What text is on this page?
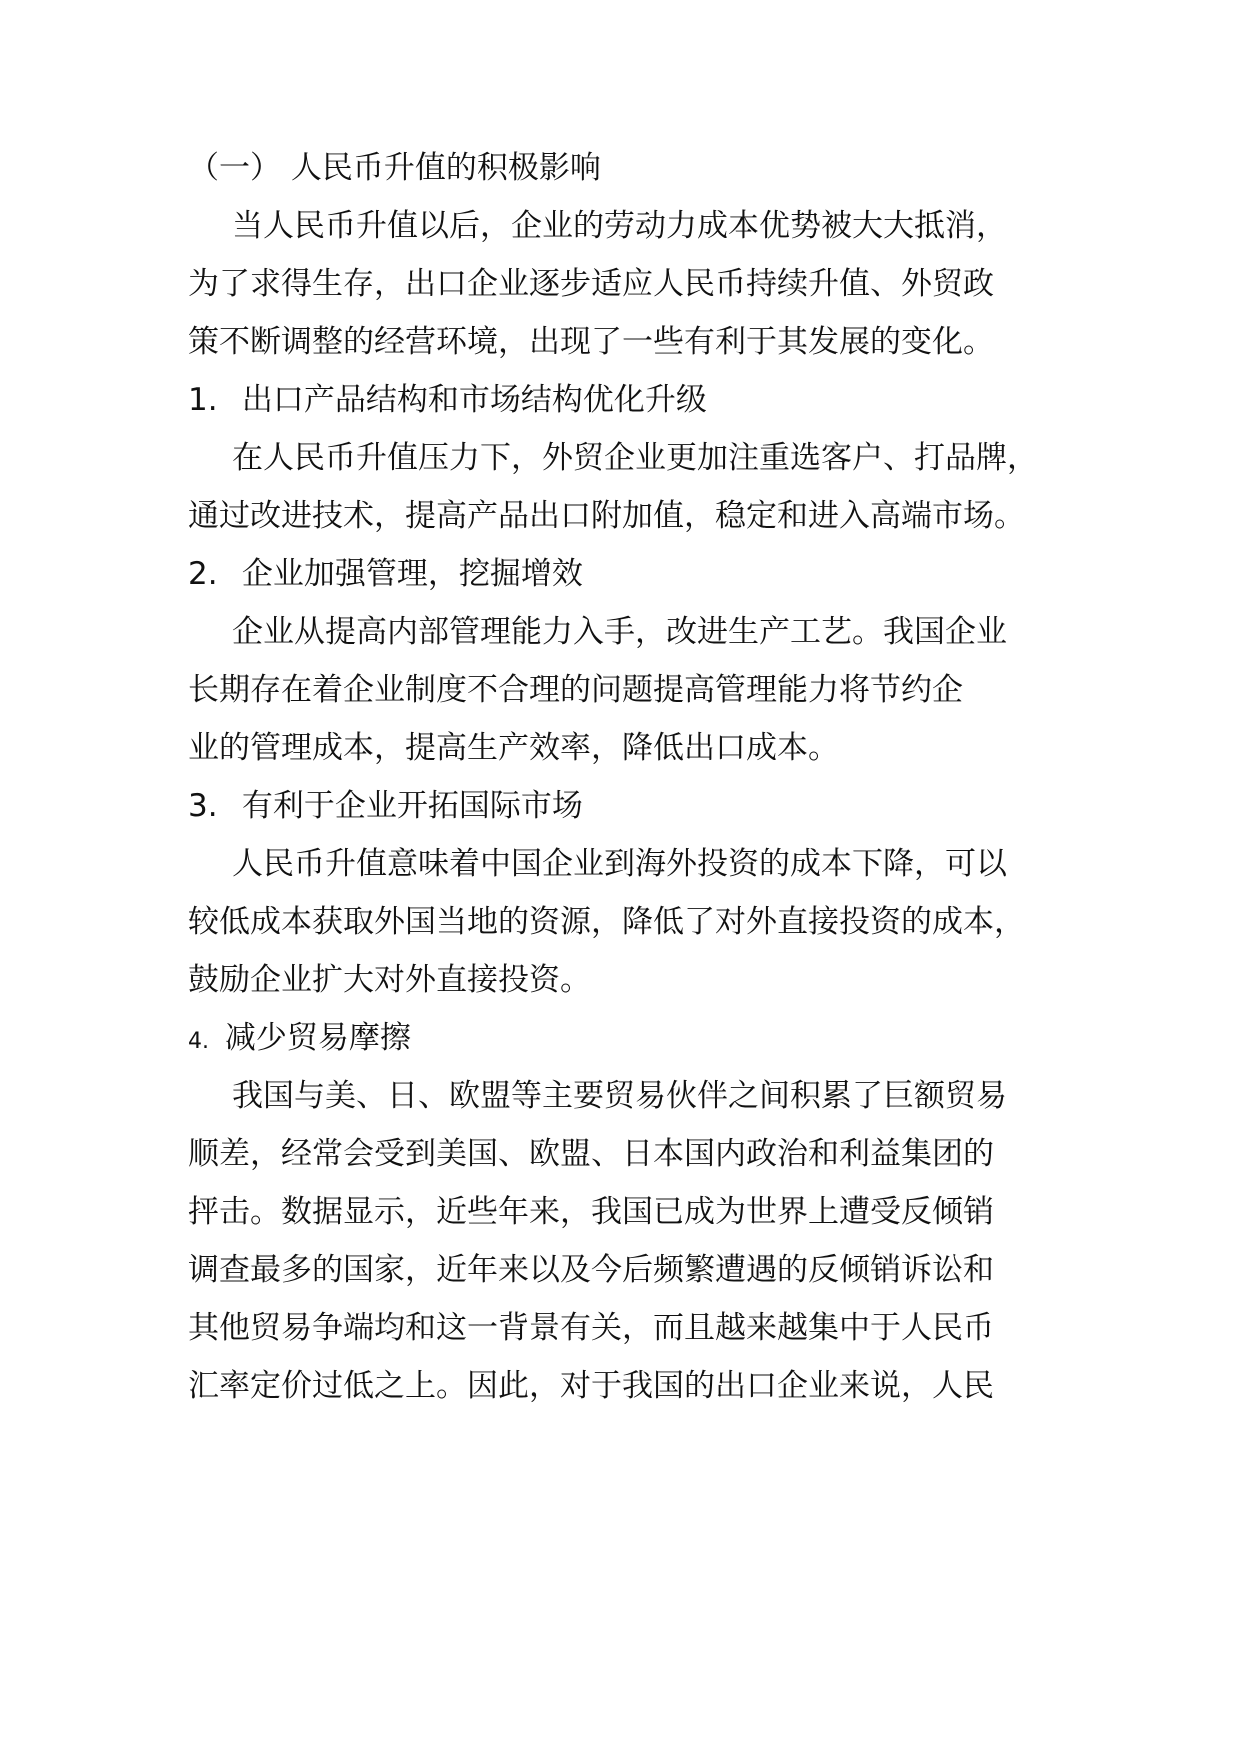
（一） 人民币升值的积极影响
当人民币升值以后，企业的劳动力成本优势被大大抵消，
为了求得生存，出口企业逐步适应人民币持续升值、外贸政
策不断调整的经营环境，出现了一些有利于其发展的变化。
1. 出口产品结构和市场结构优化升级
在人民币升值压力下，外贸企业更加注重选客户、打品牌，
通过改进技术，提高产品出口附加值，稳定和进入高端市场。
2. 企业加强管理，挖掘增效
企业从提高内部管理能力入手，改进生产工艺。我国企业
长期存在着企业制度不合理的问题提高管理能力将节约企
业的管理成本，提高生产效率，降低出口成本。
3. 有利于企业开拓国际市场
人民币升值意味着中国企业到海外投资的成本下降，可以
较低成本获取外国当地的资源，降低了对外直接投资的成本，
鼓励企业扩大对外直接投资。
4. 减少贸易摩擦
我国与美、日、欧盟等主要贸易伙伴之间积累了巨额贸易
顺差，经常会受到美国、欧盟、日本国内政治和利益集团的
抨击。数据显示，近些年来，我国已成为世界上遭受反倾销
调查最多的国家，近年来以及今后频繁遭遇的反倾销诉讼和
其他贸易争端均和这一背景有关，而且越来越集中于人民币
汇率定价过低之上。因此，对于我国的出口企业来说，人民
